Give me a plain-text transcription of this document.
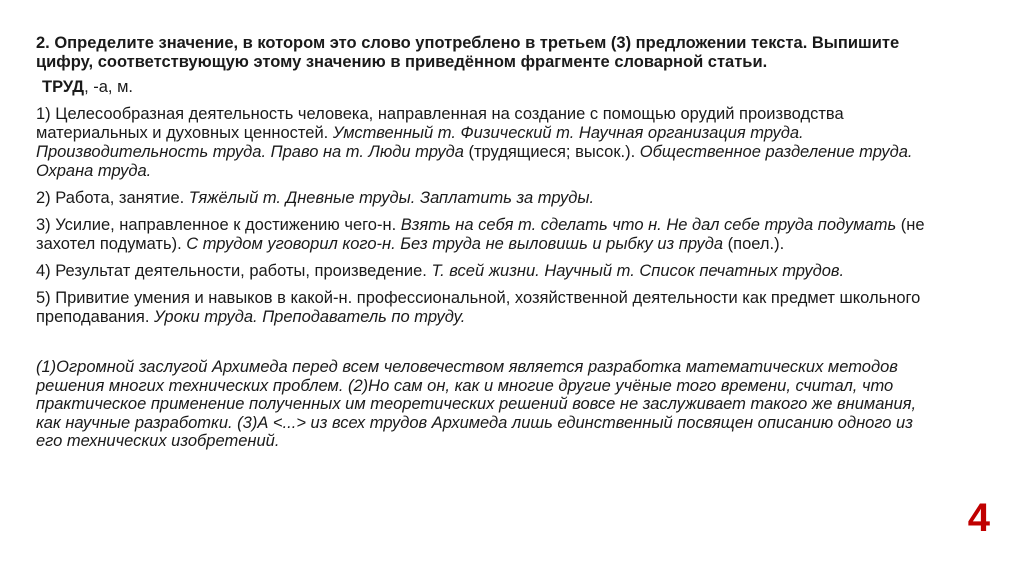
2. Определите значение, в котором это слово употреблено в третьем (3) предложении текста. Выпишите цифру, соответствующую этому значению в приведённом фрагменте словарной статьи.

ТРУД, -а, м.

1) Целесообразная деятельность человека, направленная на создание с помощью орудий производства материальных и духовных ценностей. Умственный т. Физический т. Научная организация труда. Производительность труда. Право на т. Люди труда (трудящиеся; высок.). Общественное разделение труда. Охрана труда.

2) Работа, занятие. Тяжёлый т. Дневные труды. Заплатить за труды.

3) Усилие, направленное к достижению чего-н. Взять на себя т. сделать что н. Не дал себе труда подумать (не захотел подумать). С трудом уговорил кого-н. Без труда не выловишь и рыбку из пруда (поел.).

4) Результат деятельности, работы, произведение. Т. всей жизни. Научный т. Список печатных трудов.

5) Привитие умения и навыков в какой-н. профессиональной, хозяйственной деятельности как предмет школьного преподавания. Уроки труда. Преподаватель по труду.

(1)Огромной заслугой Архимеда перед всем человечеством является разработка математических методов решения многих технических проблем. (2)Но сам он, как и многие другие учёные того времени, считал, что практическое применение полученных им теоретических решений вовсе не заслуживает такого же внимания, как научные разработки. (3)А <...> из всех трудов Архимеда лишь единственный посвящен описанию одного из его технических изобретений.

4
